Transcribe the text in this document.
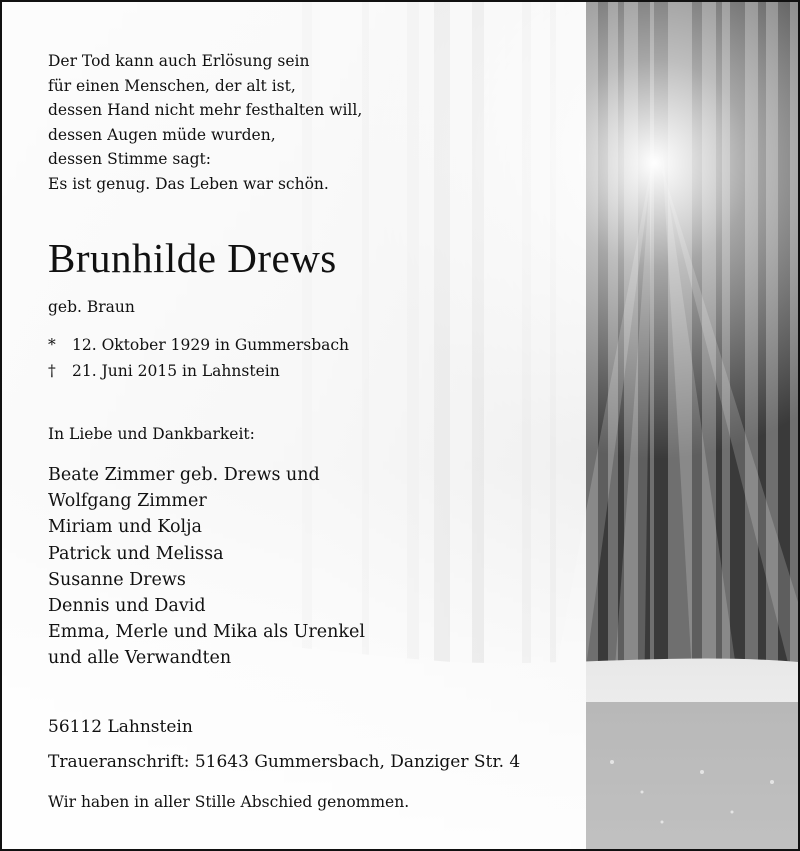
Der Tod kann auch Erlösung sein
für einen Menschen, der alt ist,
dessen Hand nicht mehr festhalten will,
dessen Augen müde wurden,
dessen Stimme sagt:
Es ist genug. Das Leben war schön.
Brunhilde Drews
geb. Braun
* 12. Oktober 1929 in Gummersbach
† 21. Juni 2015 in Lahnstein
In Liebe und Dankbarkeit:
Beate Zimmer geb. Drews und
Wolfgang Zimmer
Miriam und Kolja
Patrick und Melissa
Susanne Drews
Dennis und David
Emma, Merle und Mika als Urenkel
und alle Verwandten
56112 Lahnstein
Traueranschrift: 51643 Gummersbach, Danziger Str. 4
Wir haben in aller Stille Abschied genommen.
